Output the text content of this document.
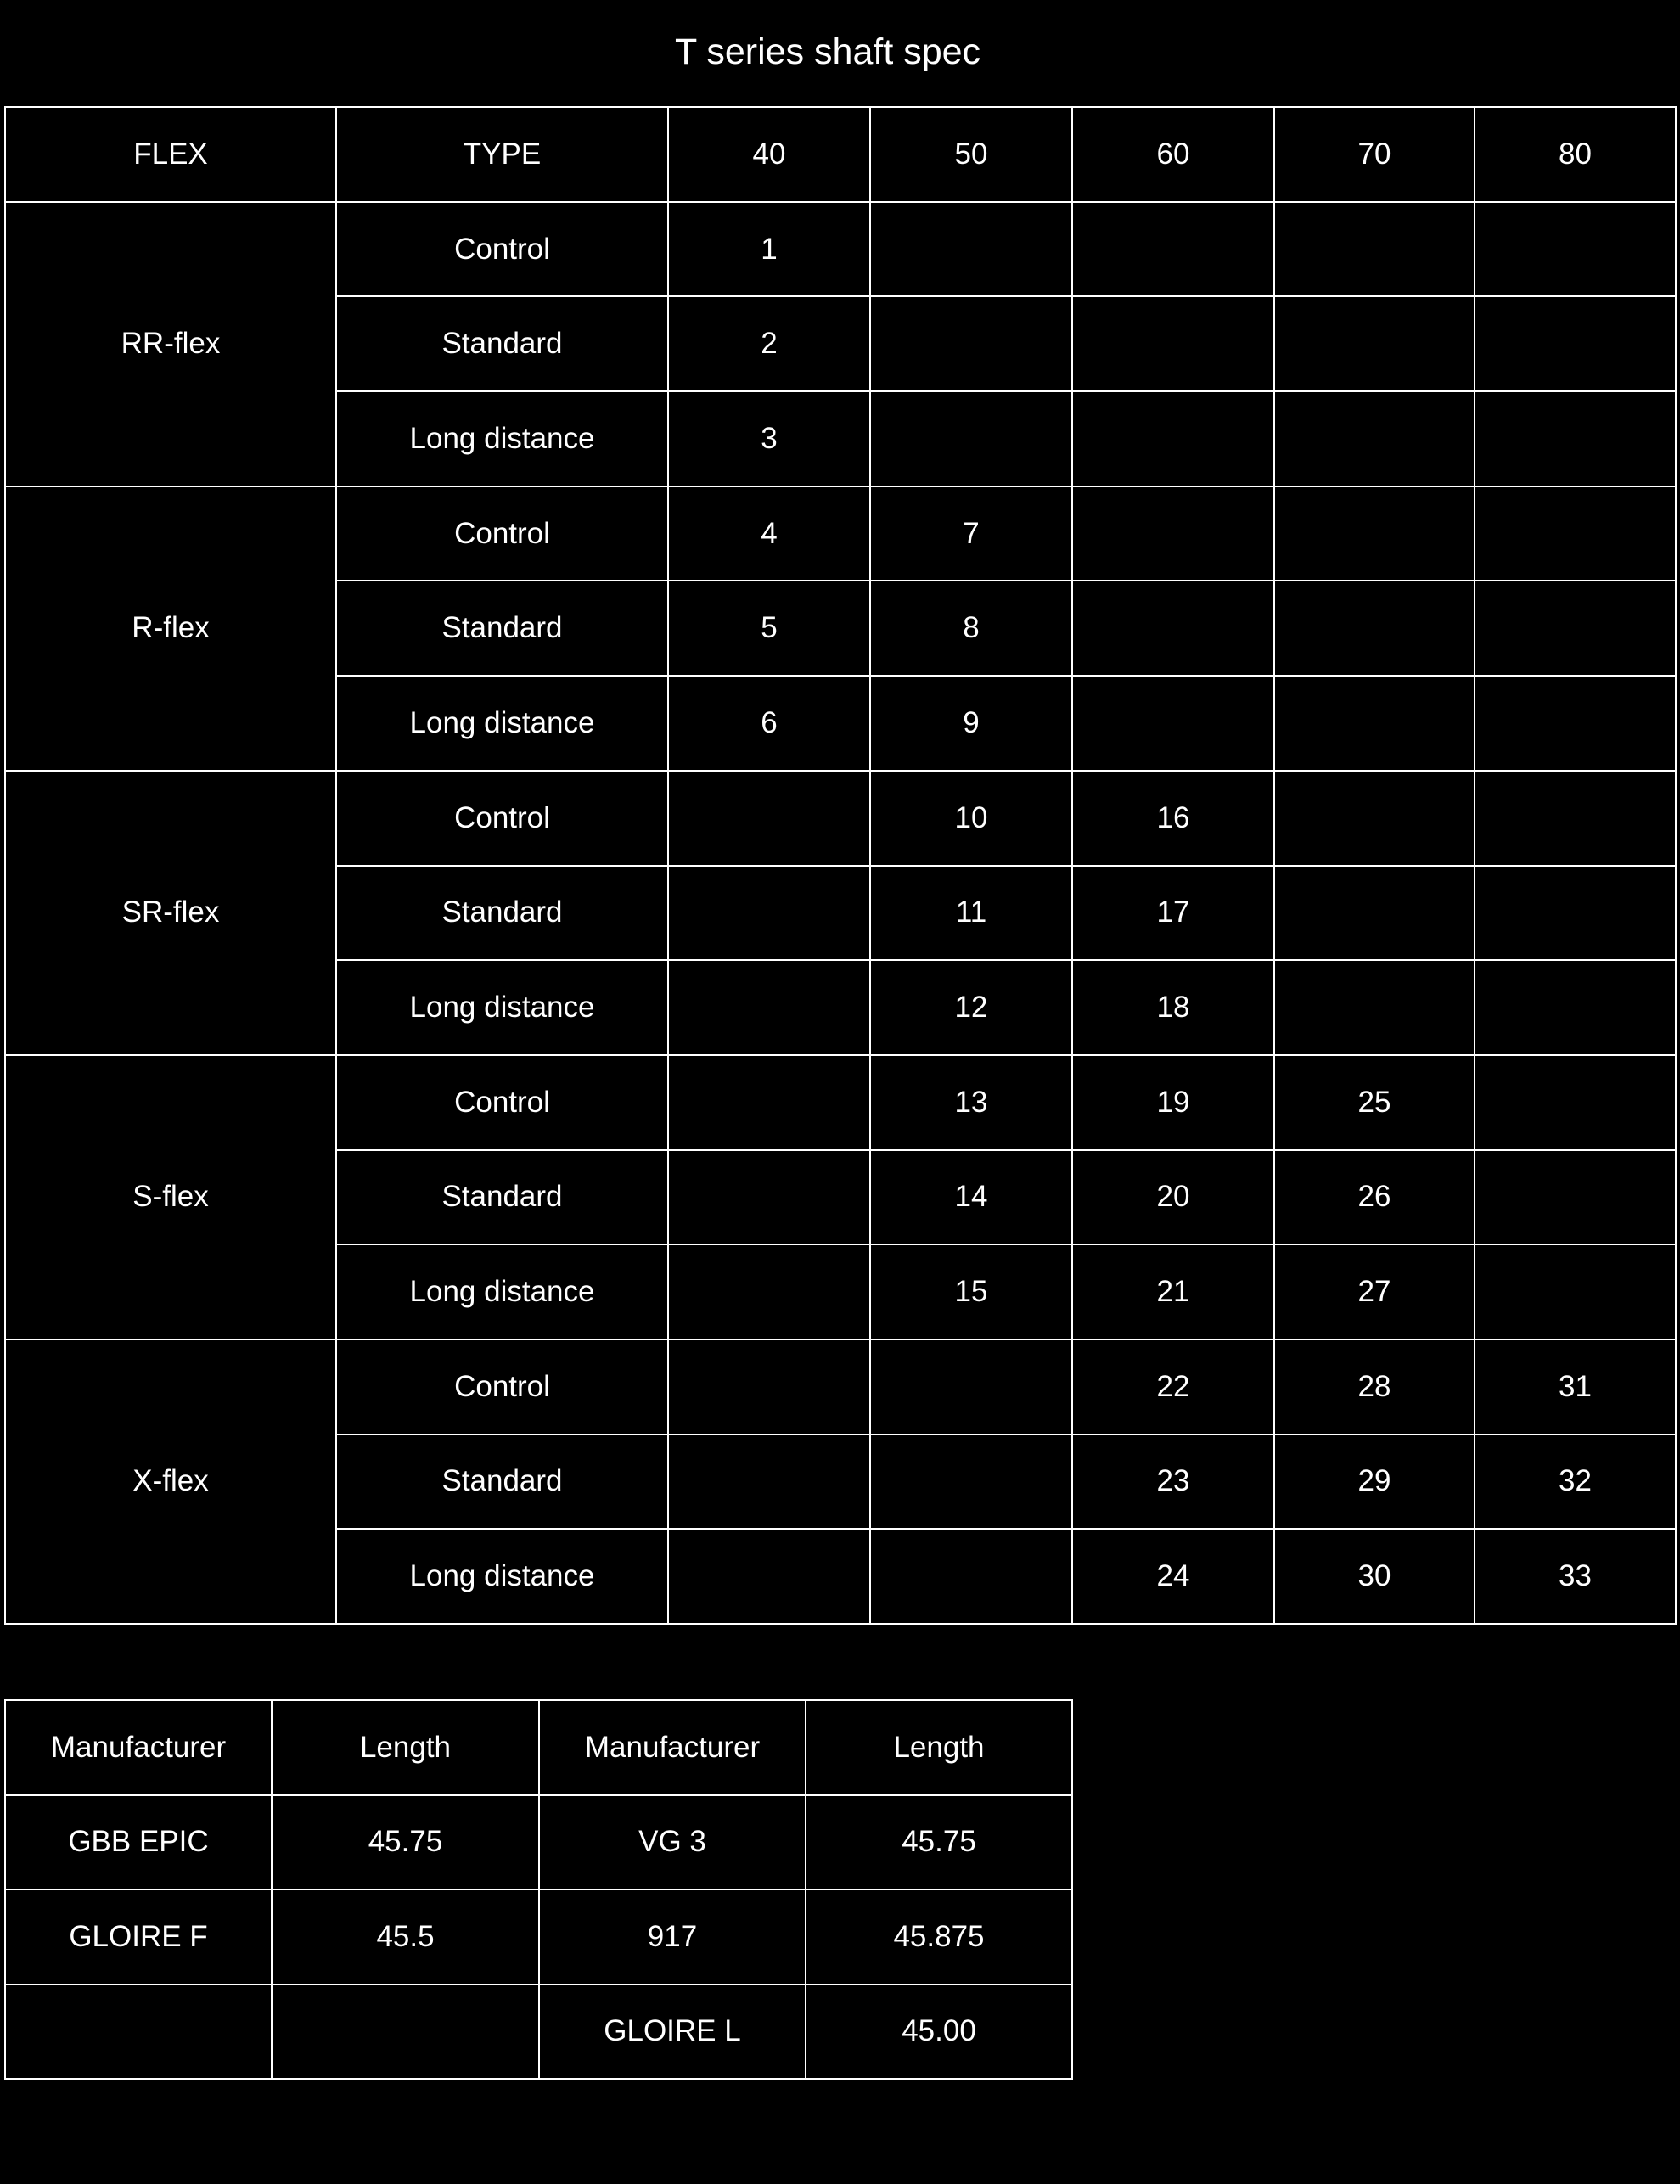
T series shaft spec
FLEX	TYPE	40	50	60	70	80
RR-flex	Control	1				
	Standard	2				
	Long distance	3				
R-flex	Control	4	7			
	Standard	5	8			
	Long distance	6	9			
SR-flex	Control		10	16		
	Standard		11	17		
	Long distance		12	18		
S-flex	Control		13	19	25	
	Standard		14	20	26	
	Long distance		15	21	27	
X-flex	Control			22	28	31
	Standard			23	29	32
	Long distance			24	30	33
Manufacturer	Length	Manufacturer	Length
GBB EPIC	45.75	VG 3	45.75
GLOIRE F	45.5	917	45.875
		GLOIRE L	45.00
